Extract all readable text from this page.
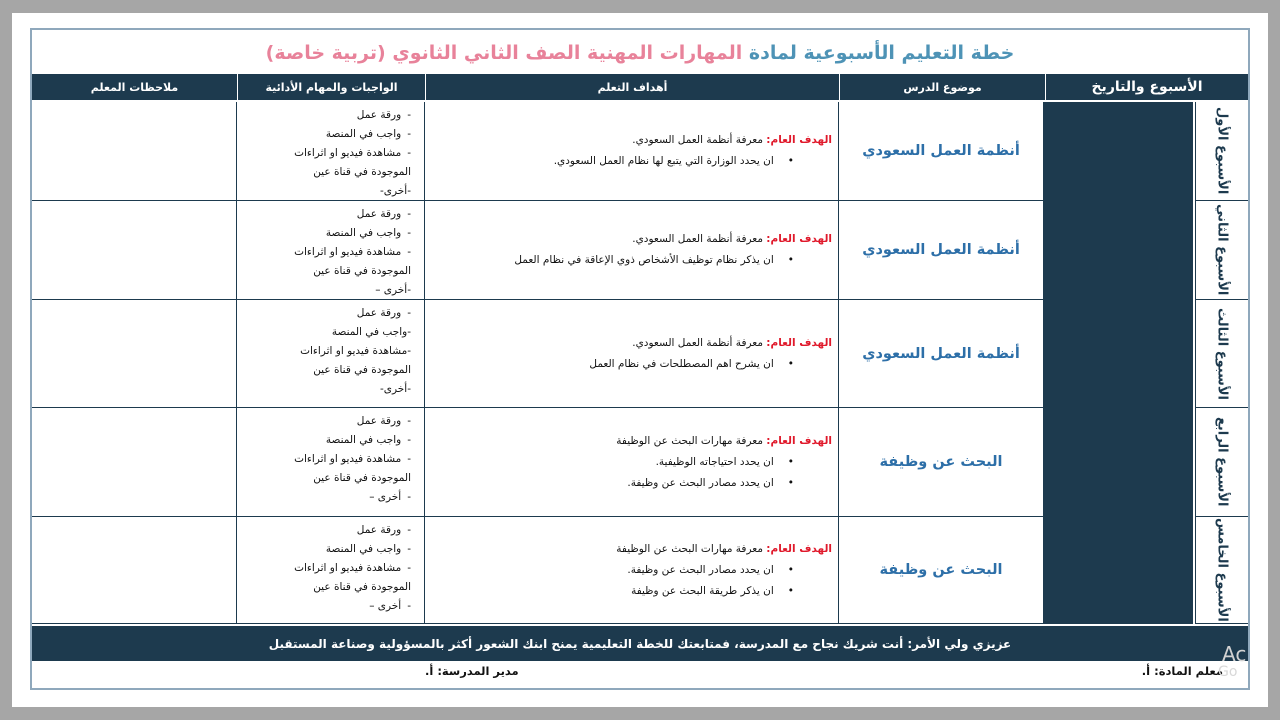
خطة التعليم الأسبوعية لمادة المهارات المهنية الصف الثاني الثانوي (تربية خاصة)
الأسبوع والتاريخ
موضوع الدرس
أهداف التعلم
الواجبات والمهام الأدائية
ملاحظات المعلم
الأسبوع الأول
الأسبوع الثاني
الأسبوع الثالث
الأسبوع الرابع
الأسبوع الخامس
- ورقة عمل
- واجب في المنصة
- مشاهدة فيديو او اثراءات
الموجودة في قناة عين
-أخرى-
الهدف العام: معرفة أنظمة العمل السعودي.
• ان يحدد الوزارة التي يتبع لها نظام العمل السعودي.
أنظمة العمل السعودي
- ورقة عمل
- واجب في المنصة
- مشاهدة فيديو او اثراءات
الموجودة في قناة عين
-أخرى –
الهدف العام: معرفة أنظمة العمل السعودي.
• ان يذكر نظام توظيف الأشخاص ذوي الإعاقة في نظام العمل
أنظمة العمل السعودي
- ورقة عمل
-واجب في المنصة
-مشاهدة فيديو او اثراءات
الموجودة في قناة عين
-أخرى-
الهدف العام: معرفة أنظمة العمل السعودي.
• ان يشرح اهم المصطلحات في نظام العمل
أنظمة العمل السعودي
- ورقة عمل
- واجب في المنصة
- مشاهدة فيديو او اثراءات
الموجودة في قناة عين
- أخرى –
الهدف العام: معرفة مهارات البحث عن الوظيفة
• ان يحدد احتياجاته الوظيفية.
• ان يحدد مصادر البحث عن وظيفة.
البحث عن وظيفة
- ورقة عمل
- واجب في المنصة
- مشاهدة فيديو او اثراءات
الموجودة في قناة عين
- أخرى –
الهدف العام: معرفة مهارات البحث عن الوظيفة
• ان يحدد مصادر البحث عن وظيفة.
• ان يذكر طريقة البحث عن وظيفة
البحث عن وظيفة
عزيزي ولي الأمر: أنت شريك نجاح مع المدرسة، فمتابعتك للخطة التعليمية يمنح ابنك الشعور أكثر بالمسؤولية وصناعة المستقبل
معلم المادة: أ.
مدير المدرسة: أ.
Ac
Go
